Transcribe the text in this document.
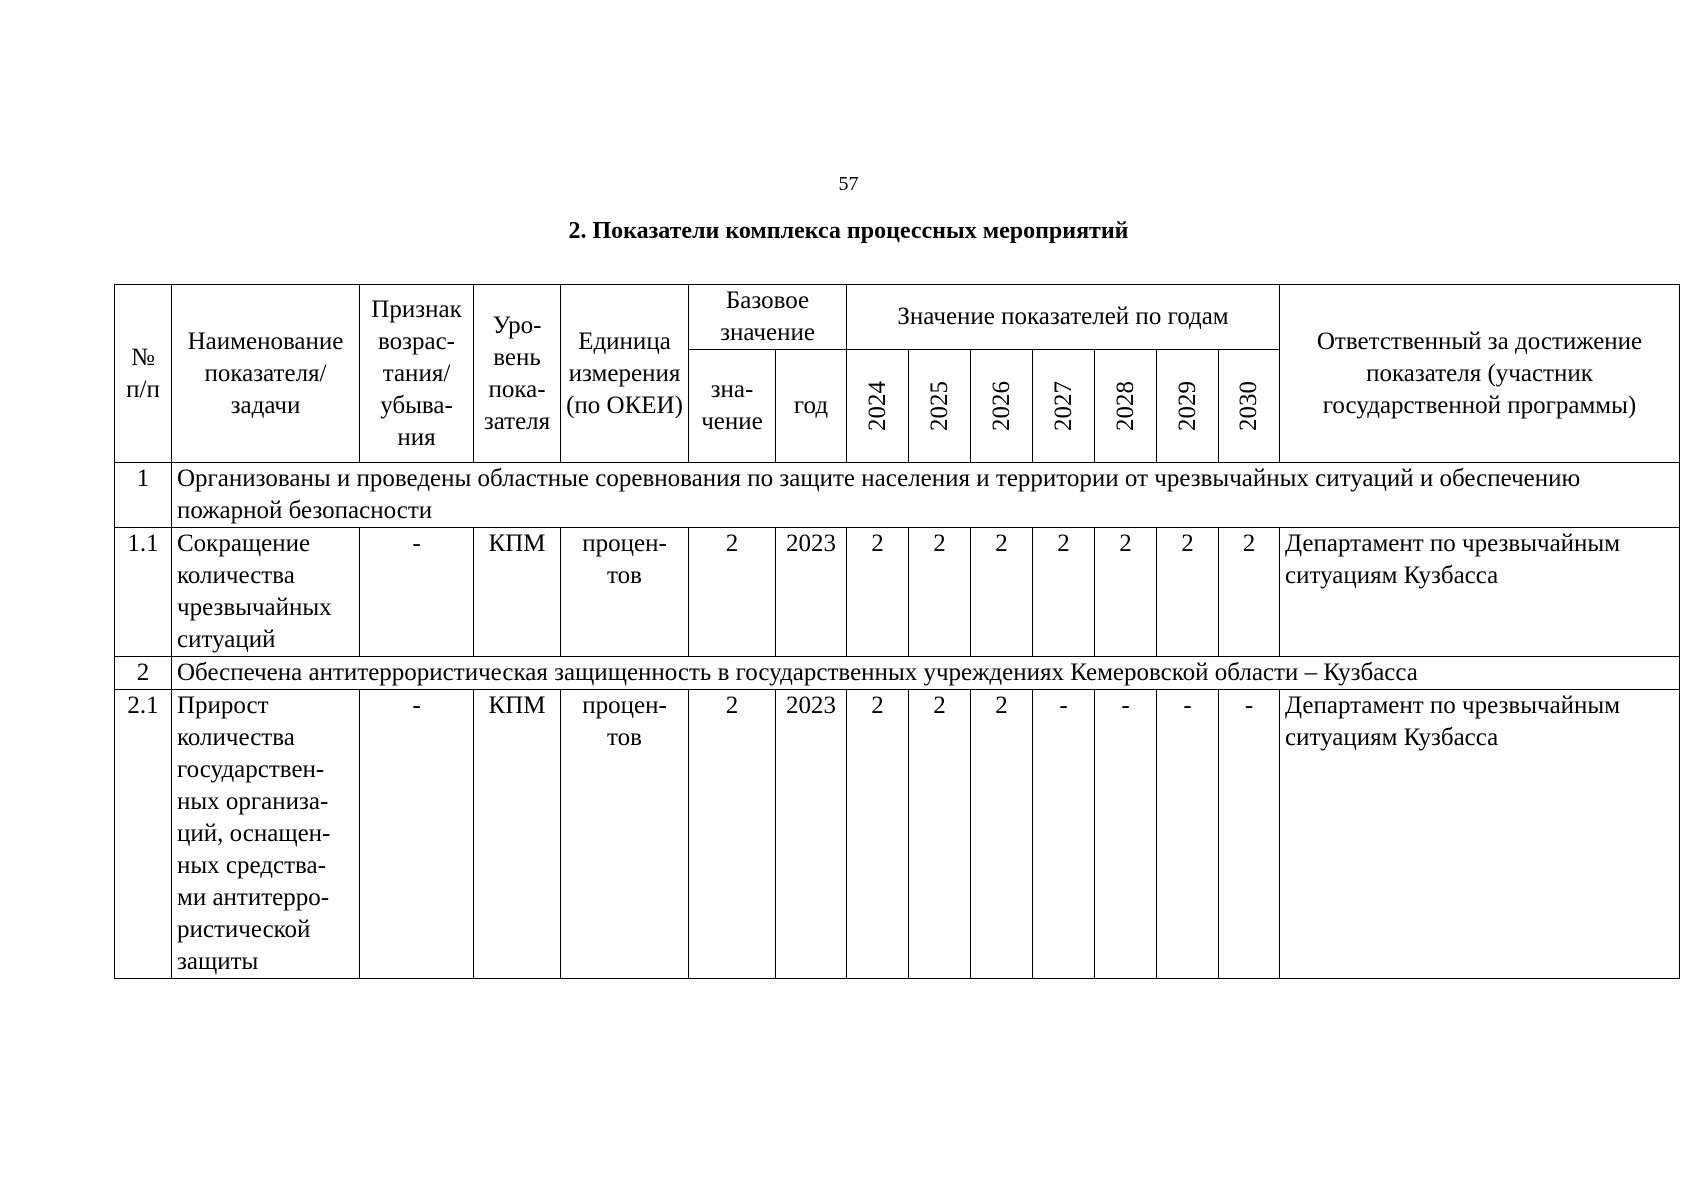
57
2. Показатели комплекса процессных мероприятий
№ п/п	Наименование показателя/ задачи	Признак возрас-тания/ убыва-ния	Уро-вень пока-зателя	Единица измерения (по ОКЕИ)	Базовое значение		Значение показателей по годам							Ответственный за достижение показателя (участник государственной программы)
					зна-чение	год	2024	2025	2026	2027	2028	2029	2030	
1	Организованы и проведены областные соревнования по защите населения и территории от чрезвычайных ситуаций и обеспечению пожарной безопасности													
1.1	Сокращение количества чрезвычайных ситуаций	-	КПМ	процен-тов	2	2023	2	2	2	2	2	2	2	Департамент по чрезвычайным ситуациям Кузбасса
2	Обеспечена антитеррористическая защищенность в государственных учреждениях Кемеровской области – Кузбасса													
2.1	Прирост количества государствен-ных организа-ций, оснащен-ных средства-ми антитерро-ристической защиты	-	КПМ	процен-тов	2	2023	2	2	2	-	-	-	-	Департамент по чрезвычайным ситуациям Кузбасса
